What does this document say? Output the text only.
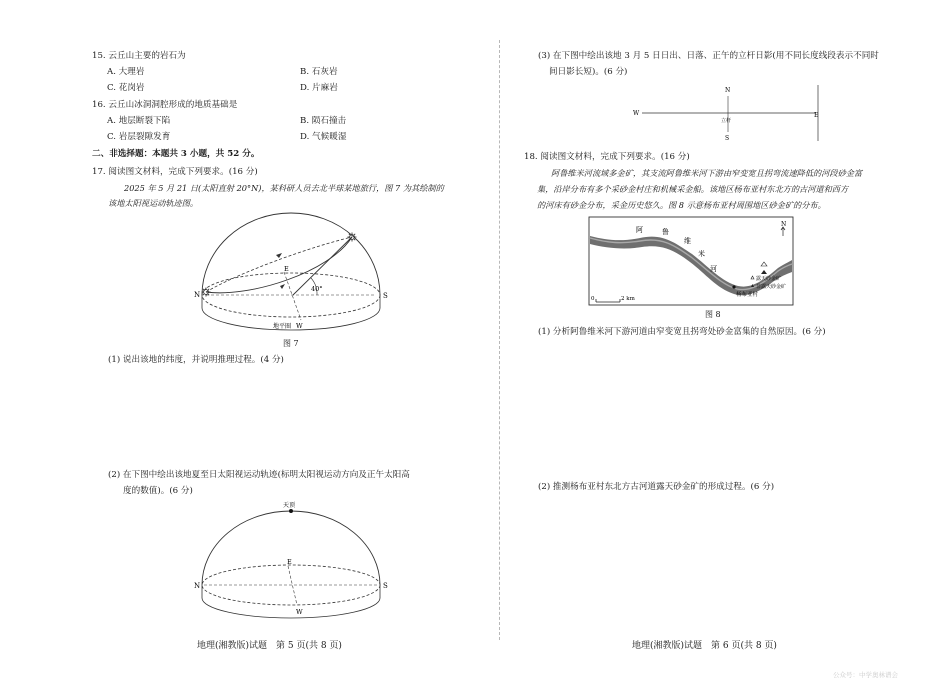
15. 云丘山主要的岩石为
A. 大理岩	B. 石灰岩
C. 花岗岩	D. 片麻岩
16. 云丘山冰洞洞腔形成的地质基础是
A. 地层断裂下陷	B. 陨石撞击
C. 岩层裂隙发育	D. 气候暖湿
二、非选择题：本题共 3 小题，共 52 分。
17. 阅读图文材料，完成下列要求。(16 分)
2025 年 5 月 21 日(太阳直射 20°N)，某科研人员去北半球某地旅行，图 7 为其绘制的
该地太阳视运动轨迹图。
N	S
E
W
40°
地平圈
图 7
(1) 说出该地的纬度，并说明推理过程。(4 分)
(2) 在下图中绘出该地夏至日太阳视运动轨迹(标明太阳视运动方向及正午太阳高
度的数值)。(6 分)
天顶
N	S
E
W
地理(湘教版)试题　第 5 页(共 8 页)
(3) 在下图中绘出该地 3 月 5 日日出、日落、正午的立杆日影(用不同长度线段表示不同时
间日影长短)。(6 分)
N
S
W	E
立杆
18. 阅读图文材料，完成下列要求。(16 分)
阿鲁维米河流域多金矿，其支流阿鲁维米河下游由窄变宽且拐弯流速降低的河段砂金富
集，沿岸分布有多个采砂金村庄和机械采金船。该地区杨布亚村东北方的古河道和西方
的河床有砂金分布，采金历史悠久。图 8 示意杨布亚村周围地区砂金矿的分布。
阿	鲁
维
米
河
杨布亚村
N
0	2 km
露天砂金矿
非露天砂金矿
图 8
(1) 分析阿鲁维米河下游河道由窄变宽且拐弯处砂金富集的自然原因。(6 分)
(2) 推测杨布亚村东北方古河道露天砂金矿的形成过程。(6 分)
地理(湘教版)试题　第 6 页(共 8 页)
公众号：中学奥林谱会
